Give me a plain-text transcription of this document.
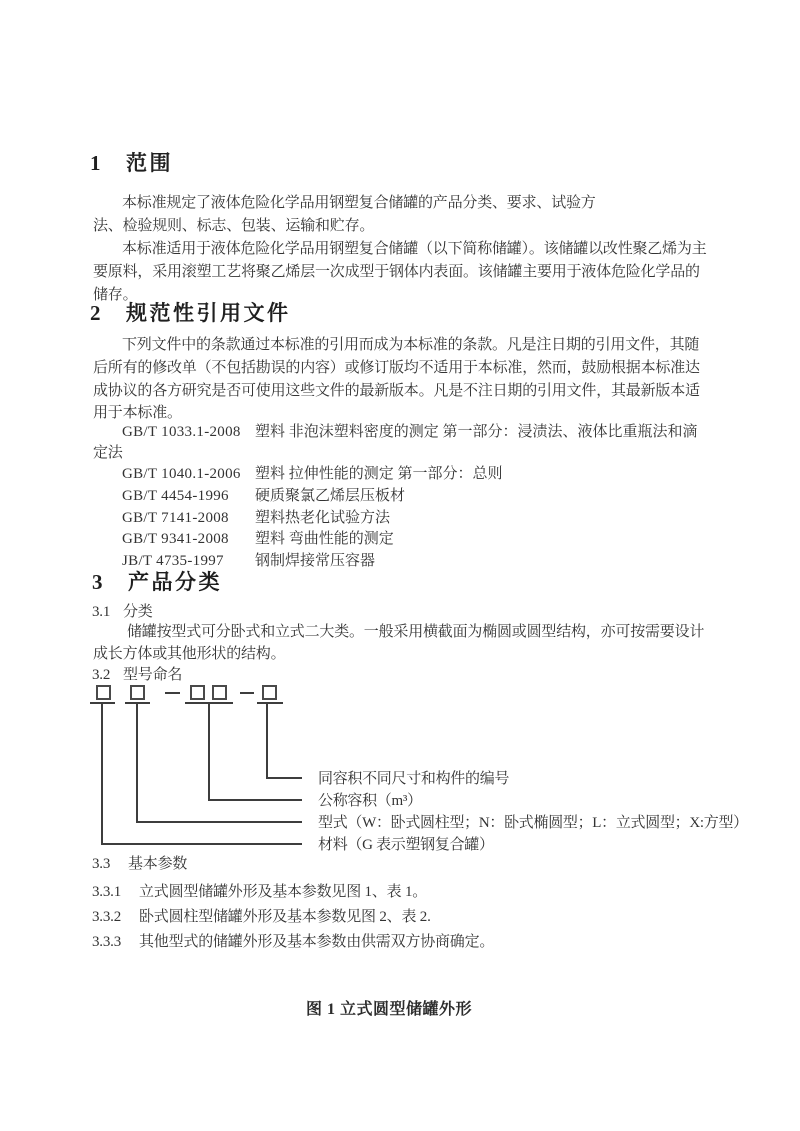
1 范围
本标准规定了液体危险化学品用钢塑复合储罐的产品分类、要求、试验方
法、检验规则、标志、包装、运输和贮存。
本标准适用于液体危险化学品用钢塑复合储罐（以下简称储罐）。该储罐以改性聚乙烯为主
要原料，采用滚塑工艺将聚乙烯层一次成型于钢体内表面。该储罐主要用于液体危险化学品的
储存。
2 规范性引用文件
下列文件中的条款通过本标准的引用而成为本标准的条款。凡是注日期的引用文件，其随
后所有的修改单（不包括勘误的内容）或修订版均不适用于本标准，然而，鼓励根据本标准达
成协议的各方研究是否可使用这些文件的最新版本。凡是不注日期的引用文件，其最新版本适
用于本标准。
GB/T 1033.1-2008 塑料 非泡沫塑料密度的测定 第一部分：浸渍法、液体比重瓶法和滴
定法
GB/T 1040.1-2006 塑料 拉伸性能的测定 第一部分：总则
GB/T 4454-1996 硬质聚氯乙烯层压板材
GB/T 7141-2008 塑料热老化试验方法
GB/T 9341-2008 塑料 弯曲性能的测定
JB/T 4735-1997 钢制焊接常压容器
3 产品分类
3.1 分类
储罐按型式可分卧式和立式二大类。一般采用横截面为椭圆或圆型结构，亦可按需要设计
成长方体或其他形状的结构。
3.2 型号命名
同容积不同尺寸和构件的编号
公称容积（m³）
型式（W：卧式圆柱型；N：卧式椭圆型；L：立式圆型；X:方型）
材料（G 表示塑钢复合罐）
3.3 基本参数
3.3.1 立式圆型储罐外形及基本参数见图 1、表 1。
3.3.2 卧式圆柱型储罐外形及基本参数见图 2、表 2.
3.3.3 其他型式的储罐外形及基本参数由供需双方协商确定。
图 1 立式圆型储罐外形
